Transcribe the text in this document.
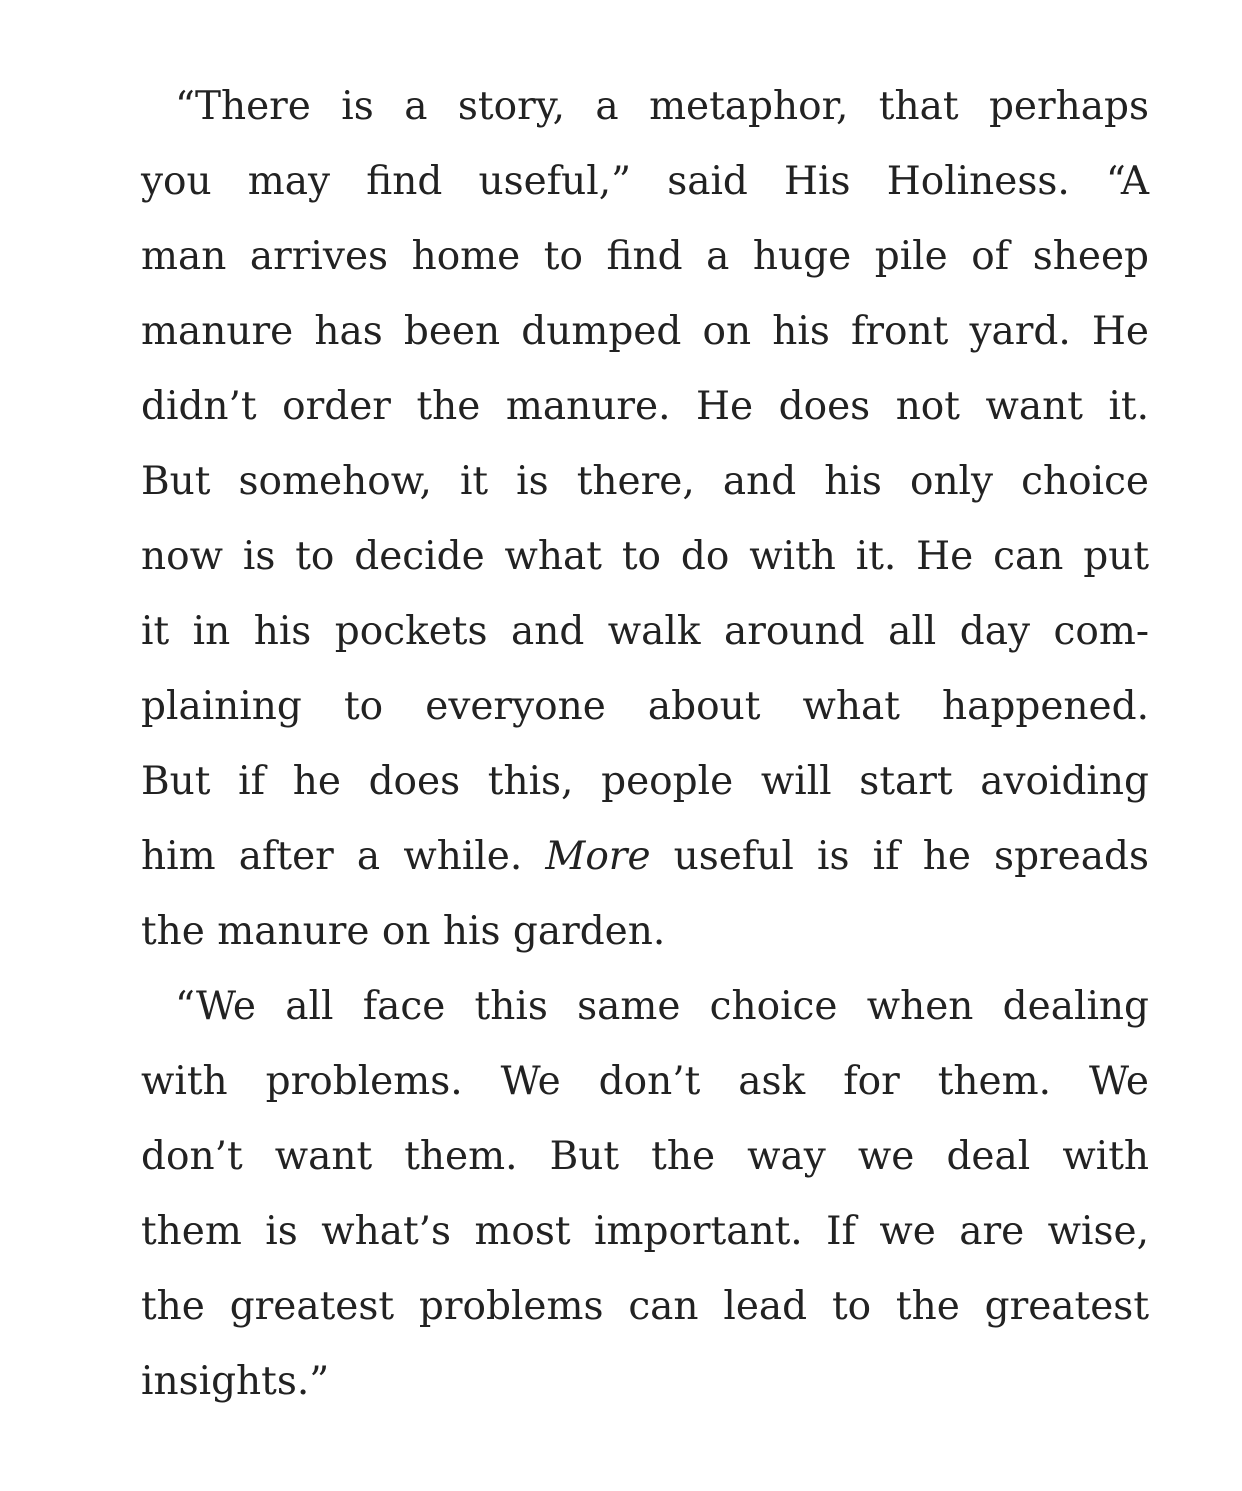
“There is a story, a metaphor, that perhaps
you may find useful,” said His Holiness. “A
man arrives home to find a huge pile of sheep
manure has been dumped on his front yard. He
didn’t order the manure. He does not want it.
But somehow, it is there, and his only choice
now is to decide what to do with it. He can put
it in his pockets and walk around all day com-
plaining to everyone about what happened.
But if he does this, people will start avoiding
him after a while. More useful is if he spreads
the manure on his garden.

“We all face this same choice when dealing
with problems. We don’t ask for them. We
don’t want them. But the way we deal with
them is what’s most important. If we are wise,
the greatest problems can lead to the greatest
insights.”
